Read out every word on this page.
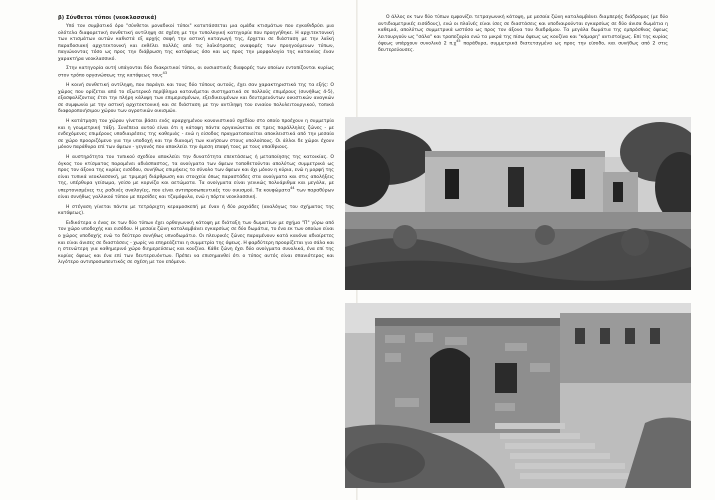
β) Σύνθετοι τύποι (νεοκλασσικά)

Υπό τον συμβατικό όρο "σύνθετοι μοναδικοί τύποι" κατατάσσεται μια ομάδα κτισμάτων που εγκαθιδρύει μια ολότελα διαφορετική συνθετική αντίληψη σε σχέση με την τυπολογική κατηγορία που προηγήθηκε. Η αρχιτεκτονική των κτισμάτων αυτών καθιστά εξ αρχής σαφή την αστική καταγωγή της, έρχεται σε διάσταση με την λαϊκή παραδοσιακή αρχιτεκτονική και εκθέλει πολλές από τις λαϊκότροπες αναφορές των προηγούμενων τύπων, παγιώνοντας τόσο ως προς την διάβρωση της κατόψεως όσο και ως προς την μορφολογία της κατοικίας έναν χαρακτήρα νεοκλασσικό.

Στην κατηγορία αυτή υπάγονται δύο διακριτικοί τύποι, οι ουσιαστικές διαφορές των οποίων εντοπίζονται κυρίως στον τρόπο οργανώσεως της κατόψεως τους$^{43}$

Η κοινή συνθετική αντίληψη, που παράγει και τους δύο τύπους αυτούς, έχει σαν χαρακτηριστικά της τα εξής: Ο χώρος που ορίζεται από το εξωτερικό περίβλημα κατανέμεται συστηματικά σε πολλούς επιμέρους (συνήθως 4-5), εξασφαλίζοντας έτσι την πλήρη κάλυψη των επιμερισμένων, εξειδικευμένων και δευτερευόντων οικιστικών αναγκών σε συμφωνία με την αστική αρχιτεκτονική και σε διάσταση με την αντίληψη του ενιαίου πολυλειτουργικού, τοπικά διαφοροποιήσιμου χώρου των αγροτικών οικισμών.

Η κατάτμηση του χώρου γίνεται βάσει ενός αραρχημένου κανονιστικού σχεδίου στο οποίο προέχουν η συμμετρία και η γεωμετρική τάξη. Συνέπεια αυτού είναι ότι η κάτοψη πάντα οργανώνεται σε τρεις παράλληλες ζώνες - με ενδεχόμενες επιμέρους υποδιαιρέσεις της καθεμιάς - ενώ η είσοδος πραγματοποιείται αποκλειστικά από την μεσαία σε χώρο προοριζόμενο για την υποδοχή και την διανομή των κινήσεων στους υπολοίπους. Οι άλλοι δε χώροι έχουν μόνον παράθυρα επί των όψεων - γεγονός που αποκλείει την άμεση επαφή τους με τους υπαίθριους.

Η αυστηρότητα του τυπικού σχεδίου αποκλείει την δυνατότητα επεκτάσεως ή μεταποίησης της κατοικίας. Ο όγκος του κτίσματος παραμένει αδιάσπαστος, τα ανοίγματα των όψεων τοποθετούνται απολύτως συμμετρικά ως προς τον άξονα της κυρίας εισόδου, συνήθως επιμήκεις το σύνολο των όψεων και όχι μόνον η κύρια, ενώ η μορφή της είναι τυπικά νεοκλασσική, με τριμερή διάρθρωση και στοιχεία όπως παραστάδες στα ανοίγματα και στις απολήξεις της, υπέρθυρα γείσωμα, γείσο με κορνίζα και αετώματα. Τα ανοίγματα είναι γενικώς πολυάριθμα και μεγάλα, με υπερτονισμένες τις ραδινές αναλογίες, που είναι αντιπροσωπευτικές του οικισμού. Τα κουφώματα$^{44}$ των παραθύρων είναι συνήθως γαλλικού τύπου με περσίδες και τζαμόφυλα, ενώ η πόρτα νεοκλασσική.

Η στέγαση γίνεται πάντα με τετράριχτη κεραμοσκεπή με έναν ή δύο ραχιάδες (αναλόγως του σχήματος της κατόψεως).

Ειδικότερα ο ένας εκ των δύο τύπων έχει ορθογωνική κάτοψη με διάταξη των δωματίων με σχήμα "Π" γύρω από τον χώρο υποδοχής και εισόδου. Η μεσαία ζώνη καταλαμβάνει εγκαρσίως σε δύο δωμάτια, το ένα εκ των οποίων είναι ο χώρος υποδοχής ενώ το δεύτερο συνήθως υπνοδωμάτιο. Οι πλευρικές ζώνες παραμένουν κατά κανόνα αδιαίρετες και είναι άνισες σε διαστάσεις - χωρίς να επηρεάζεται η συμμετρία της όψεως. Η φαρδύτερη προορίζεται για σάλα και η στενώτερη για καθημερινό χώρο διημερεύσεως και κουζίνα. Κάθε ζώνη έχει δύο ανοίγματα συνολικά, ένα επί της κυρίας όψεως και ένα επί των δευτερευόντων. Πρέπει να επισημανθεί ότι ο τύπος αυτός είναι σπανιότερος και λιγότερο αντιπροσωπευτικός σε σχέση με τον επόμενο.

Ο άλλος εκ των δύο τύπων εμφανίζει τετραγωνική κάτοψη, με μεσαία ζώνη καταλαμβάνει διαμπερής διάδρομος (με δύο αντιδιαμετρικές εισόδους), ενώ οι πλαϊνές είναι ίσες σε διαστάσεις και υποδιαιρούνται εγκαρσίως σε δύο άνισα δωμάτια η καθεμιά, απολύτως συμμετρικά ωστόσο ως προς τον άξονα του διαδρόμου. Τα μεγάλα δωμάτια της εμπρόσθιας όψεως λειτουργούν ως "σάλα" και τραπεζαρία ενώ τα μικρά της πίσω όψεως ως κουζίνα και "κάμαρη" αντιστοίχως. Επί της κυρίας όψεως υπάρχουν συνολικά 2 $\pi.\chi^{45}$ παράθυρα, συμμετρικά διατεταγμένα ως προς την είσοδο, και συνήθως από 2 στις δευτερεύουσες.
